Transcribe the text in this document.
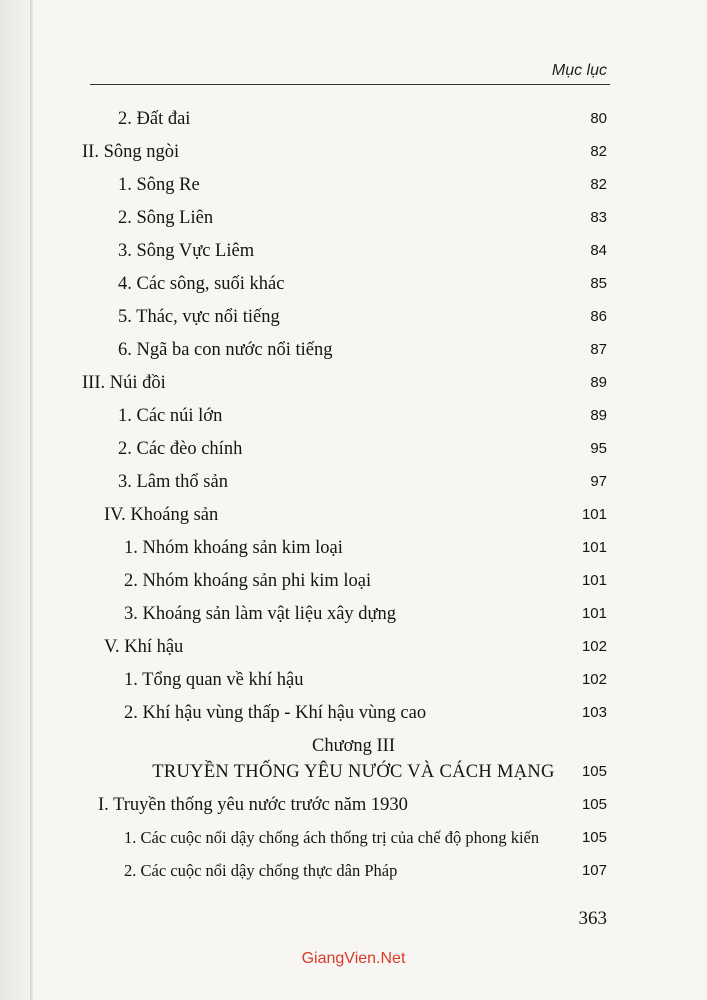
Mục lục
2. Đất đai	80
II. Sông ngòi	82
1. Sông Re	82
2. Sông Liên	83
3. Sông Vực Liêm	84
4. Các sông, suối khác	85
5. Thác, vực nổi tiếng	86
6. Ngã ba con nước nổi tiếng	87
III. Núi đồi	89
1. Các núi lớn	89
2. Các đèo chính	95
3. Lâm thổ sản	97
IV. Khoáng sản	101
1. Nhóm khoáng sản kim loại	101
2. Nhóm khoáng sản phi kim loại	101
3. Khoáng sản làm vật liệu xây dựng	101
V. Khí hậu	102
1. Tổng quan về khí hậu	102
2. Khí hậu vùng thấp - Khí hậu vùng cao	103
Chương III
TRUYỀN THỐNG YÊU NƯỚC VÀ CÁCH MẠNG	105
I. Truyền thống yêu nước trước năm 1930	105
1. Các cuộc nổi dậy chống ách thống trị của chế độ phong kiến	105
2. Các cuộc nổi dậy chống thực dân Pháp	107
363
GiangVien.Net
